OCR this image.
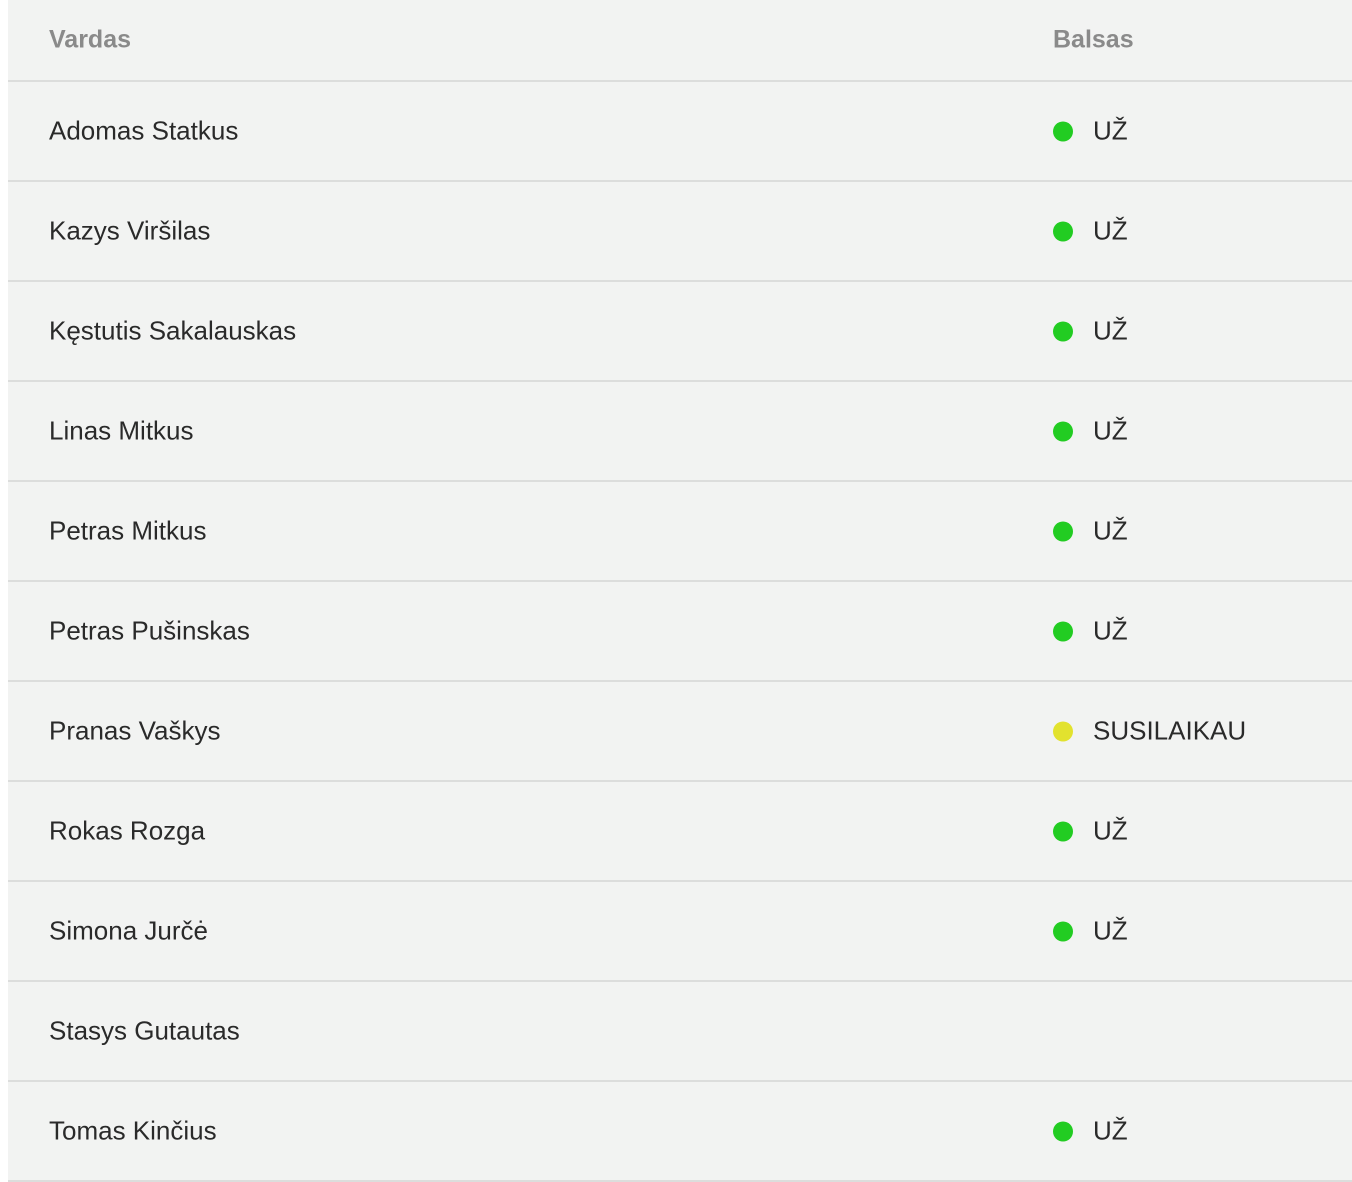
Vardas	Balsas
Adomas Statkus	UŽ
Kazys Viršilas	UŽ
Kęstutis Sakalauskas	UŽ
Linas Mitkus	UŽ
Petras Mitkus	UŽ
Petras Pušinskas	UŽ
Pranas Vaškys	SUSILAIKAU
Rokas Rozga	UŽ
Simona Jurčė	UŽ
Stasys Gutautas
Tomas Kinčius	UŽ
